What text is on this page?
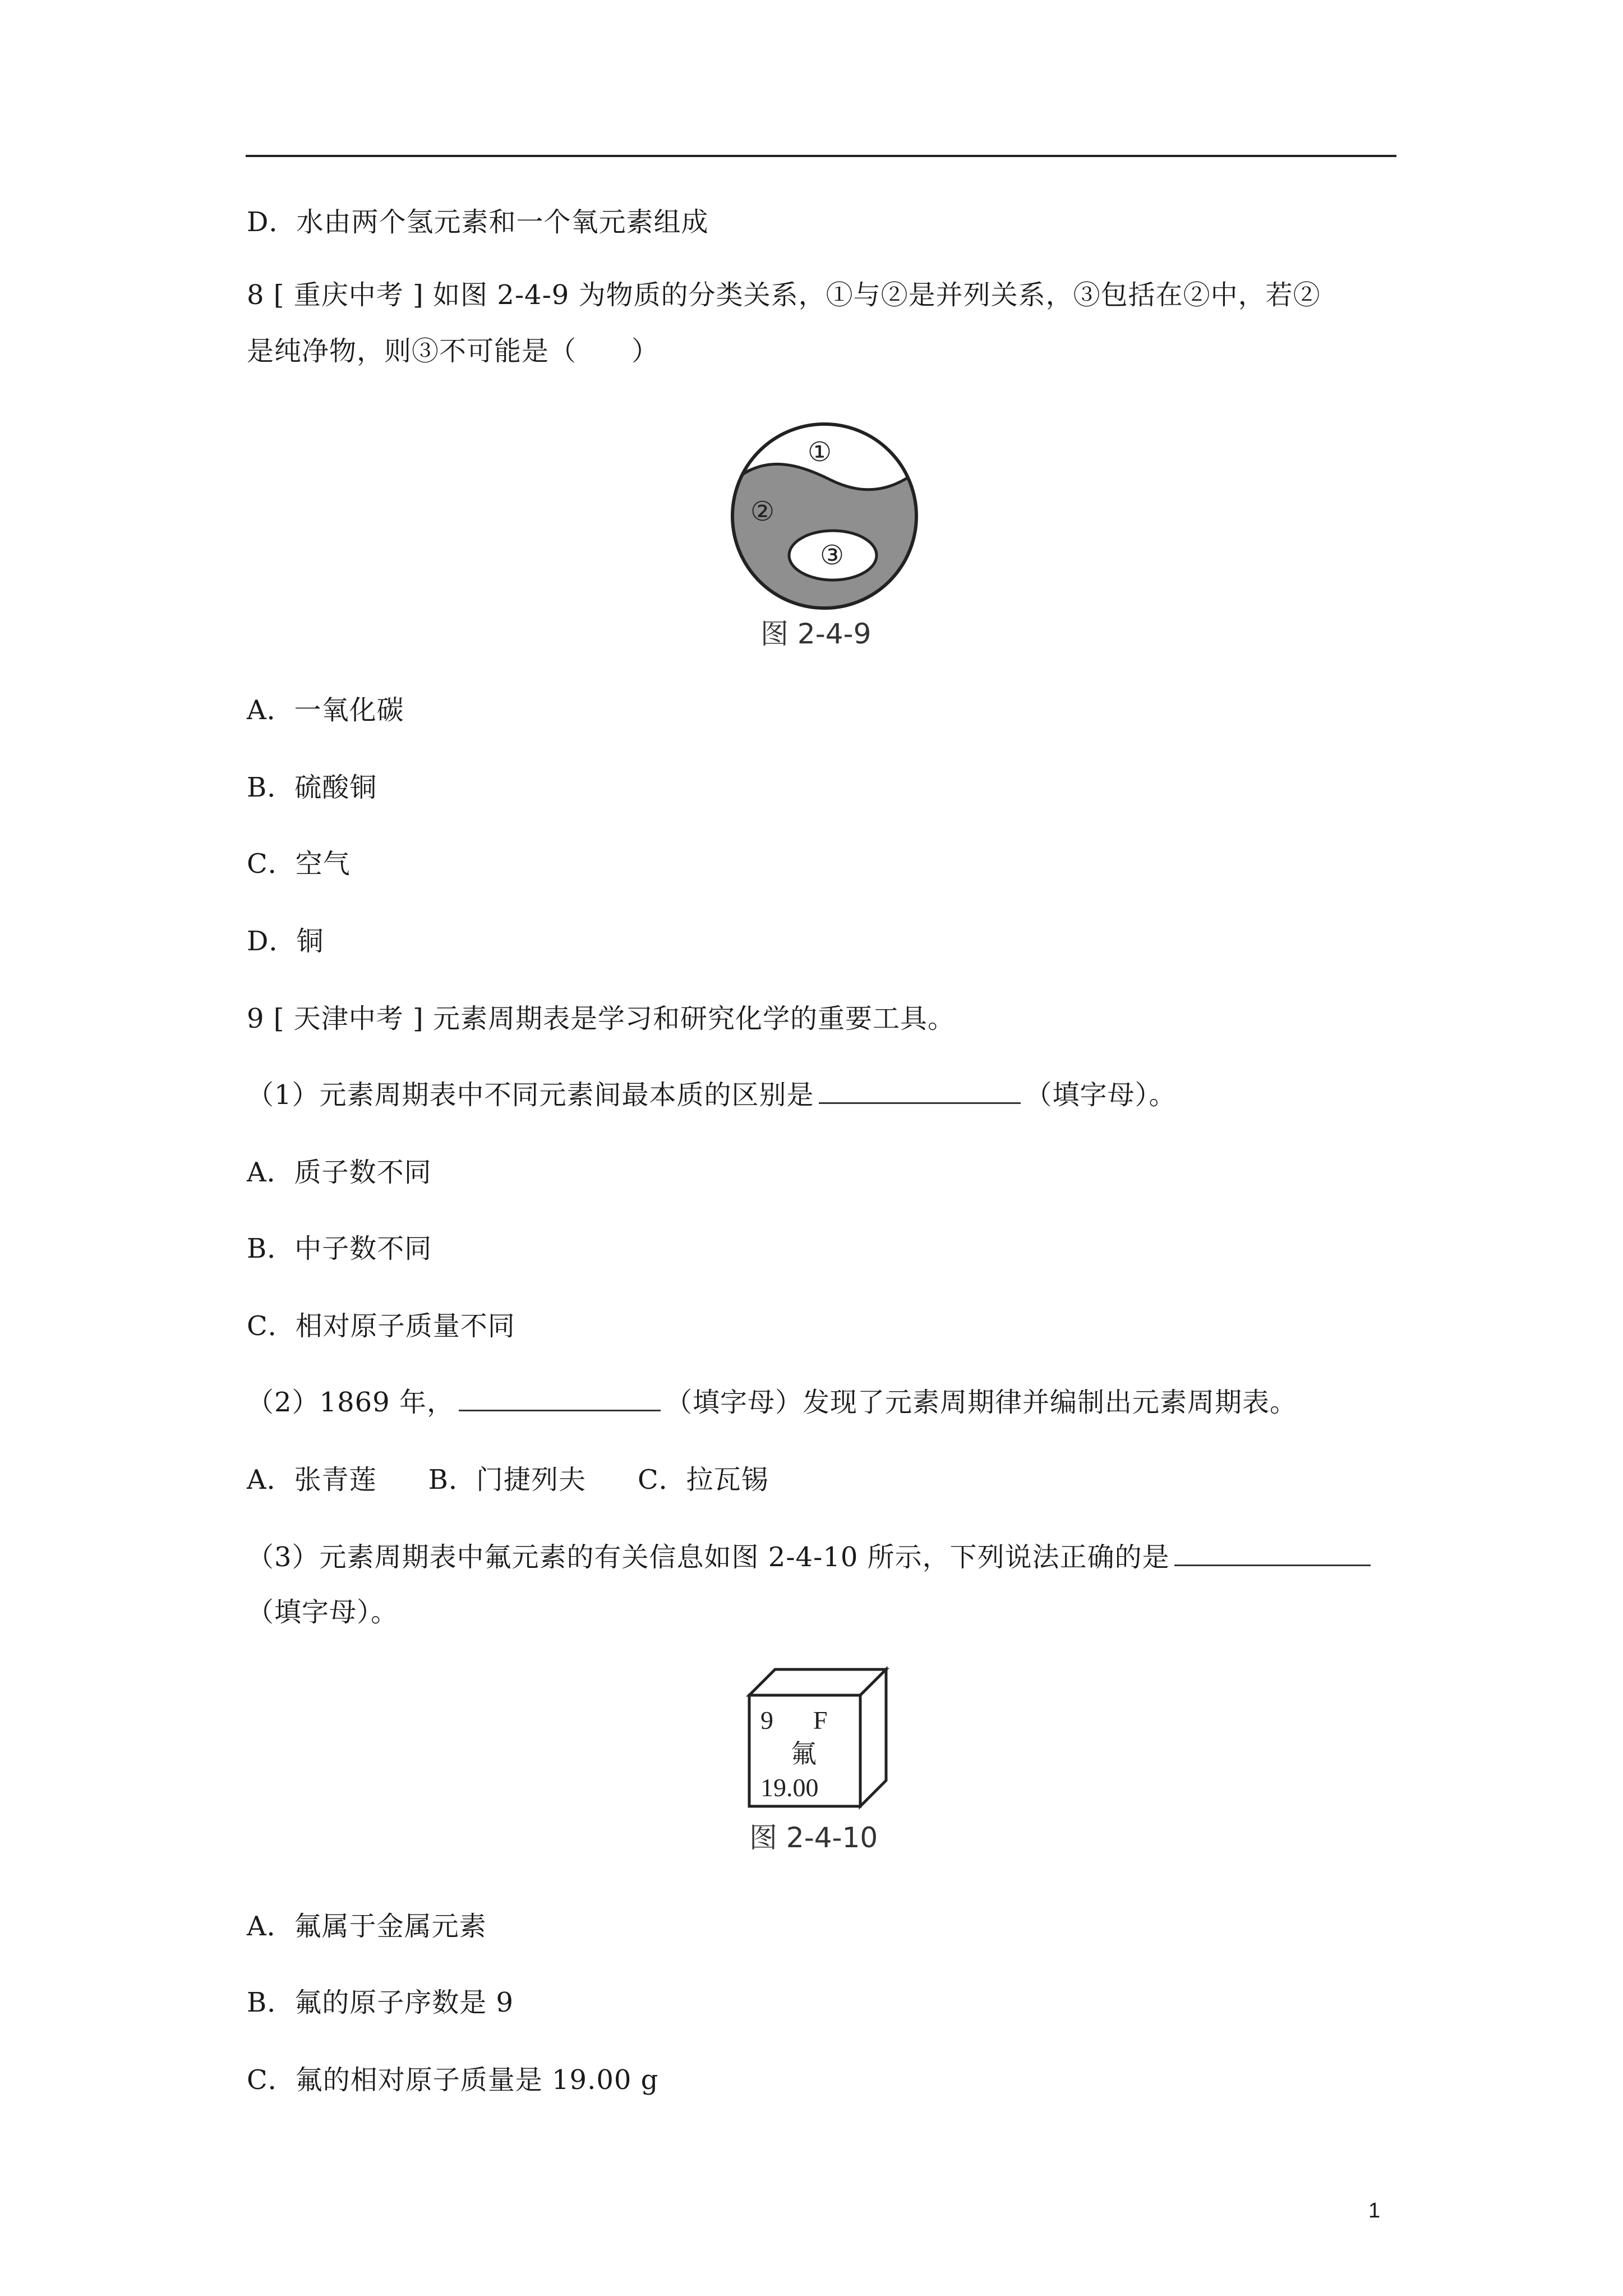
D．水由两个氢元素和一个氧元素组成
8 [ 重庆中考 ] 如图 2-4-9 为物质的分类关系，①与②是并列关系，③包括在②中，若②
是纯净物，则③不可能是（　　）
①
②
③
图 2-4-9
A．一氧化碳
B．硫酸铜
C．空气
D．铜
9 [ 天津中考 ] 元素周期表是学习和研究化学的重要工具。
（1）元素周期表中不同元素间最本质的区别是	（填字母）。
A．质子数不同
B．中子数不同
C．相对原子质量不同
（2）1869 年，	（填字母）发现了元素周期律并编制出元素周期表。
A．张青莲 B．门捷列夫 C．拉瓦锡
（3）元素周期表中氟元素的有关信息如图 2-4-10 所示，下列说法正确的是
（填字母）。
9 F
氟
19.00
图 2-4-10
A．氟属于金属元素
B．氟的原子序数是 9
C．氟的相对原子质量是 19.00 g
1
